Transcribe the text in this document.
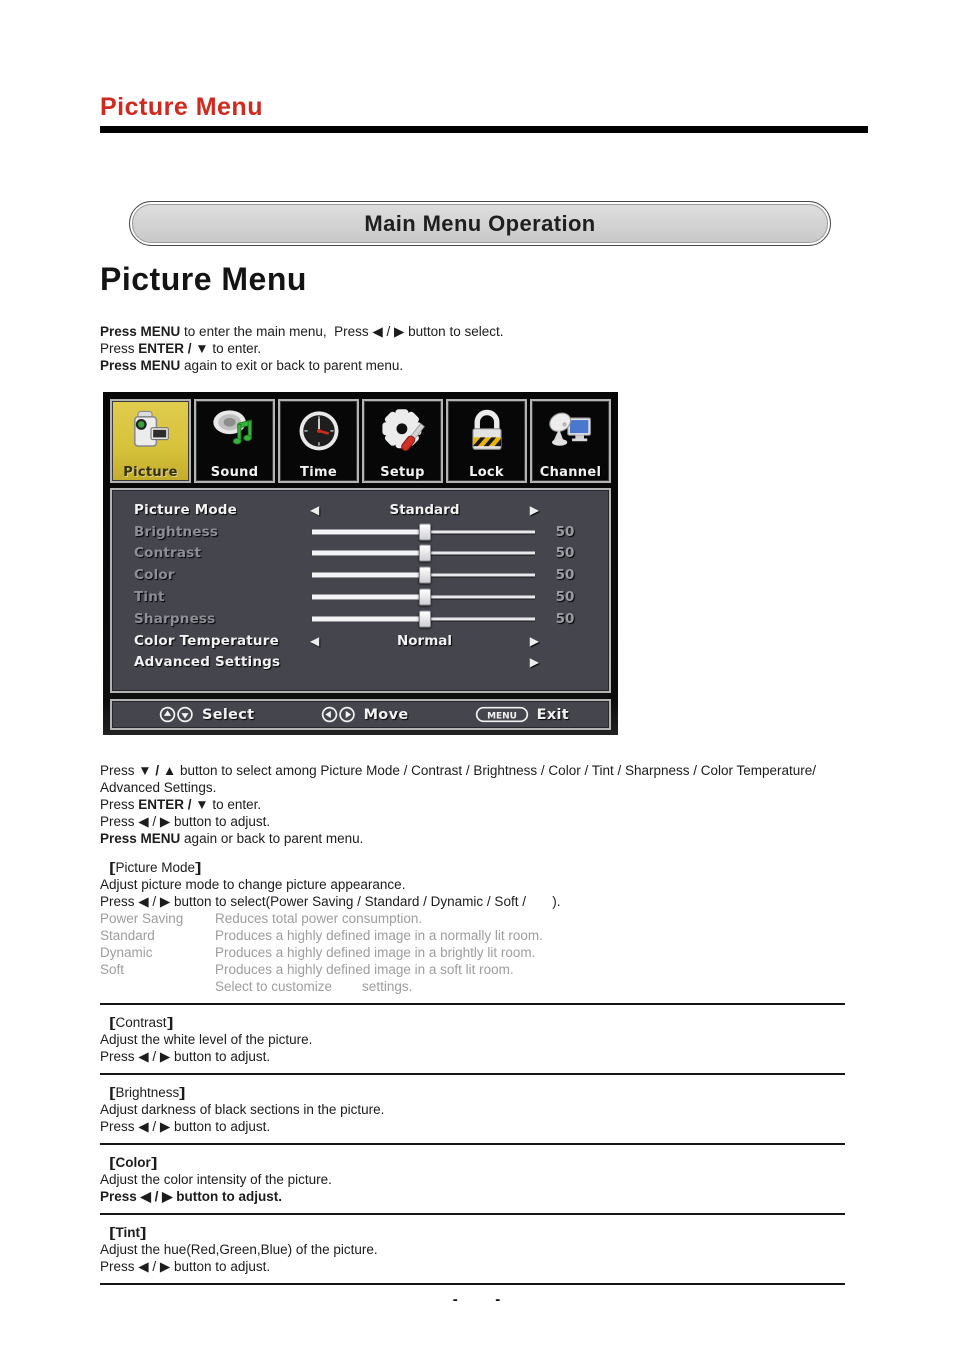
Picture Menu
Main Menu Operation
Picture Menu
Press MENU to enter the main menu,  Press ◀ / ▶ button to select.
Press ENTER / ▼ to enter.
Press MENU again to exit or back to parent menu.
Picture	Sound	Time	Setup	Lock	Channel
Picture Mode	◀	Standard	▶
Brightness	50
Contrast	50
Color	50
Tint	50
Sharpness	50
Color Temperature	◀	Normal	▶
Advanced Settings	▶
Select	Move	MENU Exit
Press ▼ / ▲ button to select among Picture Mode / Contrast / Brightness / Color / Tint / Sharpness / Color Temperature/
Advanced Settings.
Press ENTER / ▼ to enter.
Press ◀ / ▶ button to adjust.
Press MENU again or back to parent menu.
[Picture Mode]
Adjust picture mode to change picture appearance.
Press ◀ / ▶ button to select(Power Saving / Standard / Dynamic / Soft /       ).
Power Saving	Reduces total power consumption.
Standard	Produces a highly defined image in a normally lit room.
Dynamic	Produces a highly defined image in a brightly lit room.
Soft	Produces a highly defined image in a soft lit room.
Select to customize        settings.
[Contrast]
Adjust the white level of the picture.
Press ◀ / ▶ button to adjust.
[Brightness]
Adjust darkness of black sections in the picture.
Press ◀ / ▶ button to adjust.
[Color]
Adjust the color intensity of the picture.
Press ◀ / ▶ button to adjust.
[Tint]
Adjust the hue(Red,Green,Blue) of the picture.
Press ◀ / ▶ button to adjust.
-         -
